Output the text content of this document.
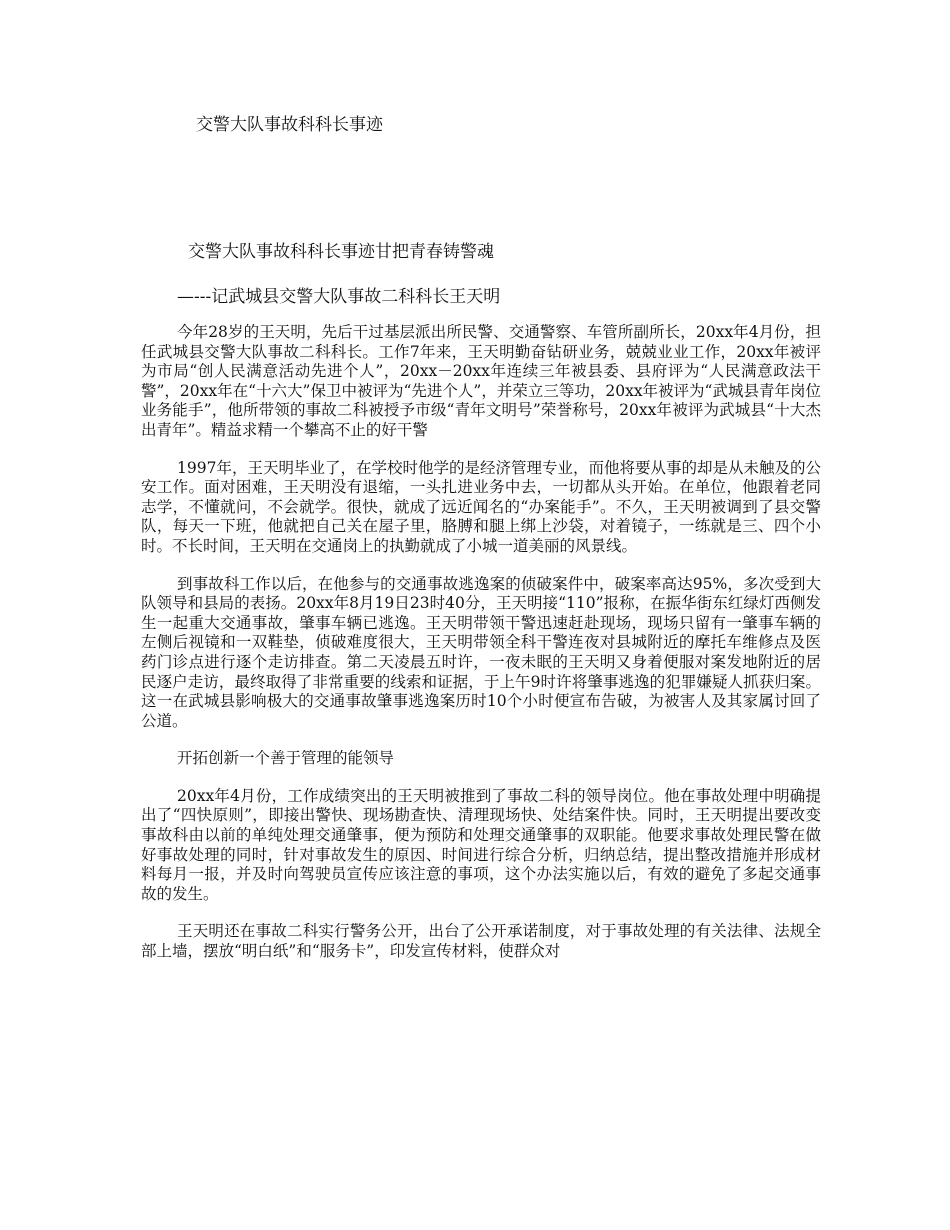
交警大队事故科科长事迹
交警大队事故科科长事迹甘把青春铸警魂
—---记武城县交警大队事故二科科长王天明

今年28岁的王天明，先后干过基层派出所民警、交通警察、车管所副所长，20xx年4月份，担任武城县交警大队事故二科科长。工作7年来，王天明勤奋钻研业务，兢兢业业工作，20xx年被评为市局“创人民满意活动先进个人”，20xx－20xx年连续三年被县委、县府评为“人民满意政法干警”，20xx年在“十六大”保卫中被评为“先进个人”，并荣立三等功，20xx年被评为“武城县青年岗位业务能手”，他所带领的事故二科被授予市级“青年文明号”荣誉称号，20xx年被评为武城县“十大杰出青年”。精益求精一个攀高不止的好干警

1997年，王天明毕业了，在学校时他学的是经济管理专业，而他将要从事的却是从未触及的公安工作。面对困难，王天明没有退缩，一头扎进业务中去，一切都从头开始。在单位，他跟着老同志学，不懂就问，不会就学。很快，就成了远近闻名的“办案能手”。不久，王天明被调到了县交警队，每天一下班，他就把自己关在屋子里，胳膊和腿上绑上沙袋，对着镜子，一练就是三、四个小时。不长时间，王天明在交通岗上的执勤就成了小城一道美丽的风景线。

到事故科工作以后，在他参与的交通事故逃逸案的侦破案件中，破案率高达95%，多次受到大队领导和县局的表扬。20xx年8月19日23时40分，王天明接“110”报称，在振华街东红绿灯西侧发生一起重大交通事故，肇事车辆已逃逸。王天明带领干警迅速赶赴现场，现场只留有一肇事车辆的左侧后视镜和一双鞋垫，侦破难度很大，王天明带领全科干警连夜对县城附近的摩托车维修点及医药门诊点进行逐个走访排查。第二天凌晨五时许，一夜未眠的王天明又身着便服对案发地附近的居民逐户走访，最终取得了非常重要的线索和证据，于上午9时许将肇事逃逸的犯罪嫌疑人抓获归案。这一在武城县影响极大的交通事故肇事逃逸案历时10个小时便宣布告破，为被害人及其家属讨回了公道。

开拓创新一个善于管理的能领导

20xx年4月份，工作成绩突出的王天明被推到了事故二科的领导岗位。他在事故处理中明确提出了“四快原则”，即接出警快、现场勘查快、清理现场快、处结案件快。同时，王天明提出要改变事故科由以前的单纯处理交通肇事，便为预防和处理交通肇事的双职能。他要求事故处理民警在做好事故处理的同时，针对事故发生的原因、时间进行综合分析，归纳总结，提出整改措施并形成材料每月一报，并及时向驾驶员宣传应该注意的事项，这个办法实施以后，有效的避免了多起交通事故的发生。

王天明还在事故二科实行警务公开，出台了公开承诺制度，对于事故处理的有关法律、法规全部上墙，摆放“明白纸”和“服务卡”，印发宣传材料，使群众对
